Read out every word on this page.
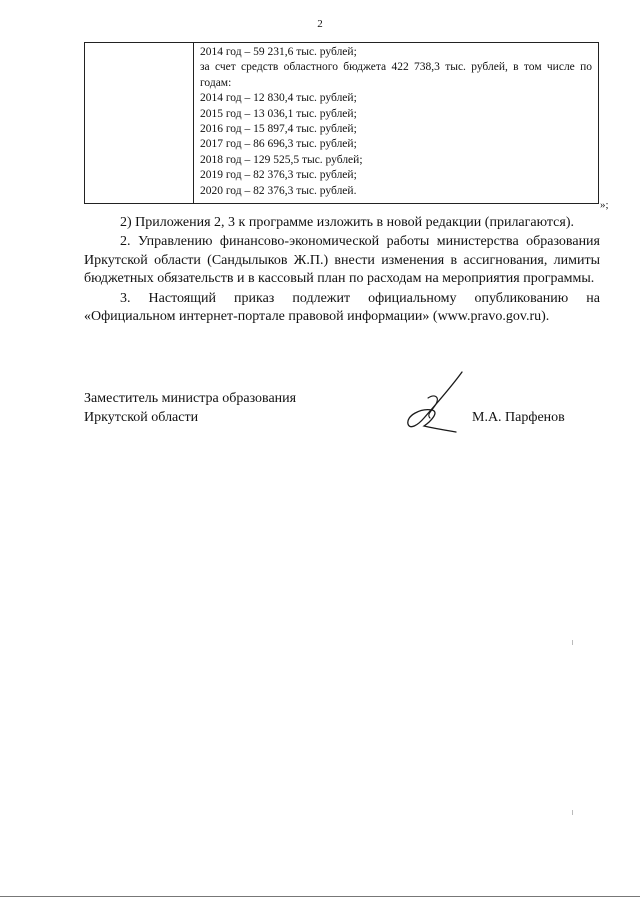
2

2014 год – 59 231,6 тыс. рублей;
за счет средств областного бюджета 422 738,3 тыс. рублей, в том числе по годам:
2014 год – 12 830,4 тыс. рублей;
2015 год – 13 036,1 тыс. рублей;
2016 год – 15 897,4 тыс. рублей;
2017 год – 86 696,3 тыс. рублей;
2018 год – 129 525,5 тыс. рублей;
2019 год – 82 376,3 тыс. рублей;
2020 год – 82 376,3 тыс. рублей.
»;

2) Приложения 2, 3 к программе изложить в новой редакции (прилагаются).

2. Управлению финансово-экономической работы министерства образования Иркутской области (Сандылыков Ж.П.) внести изменения в ассигнования, лимиты бюджетных обязательств и в кассовый план по расходам на мероприятия программы.

3. Настоящий приказ подлежит официальному опубликованию на «Официальном интернет-портале правовой информации» (www.pravo.gov.ru).

Заместитель министра образования
Иркутской области	М.А. Парфенов
